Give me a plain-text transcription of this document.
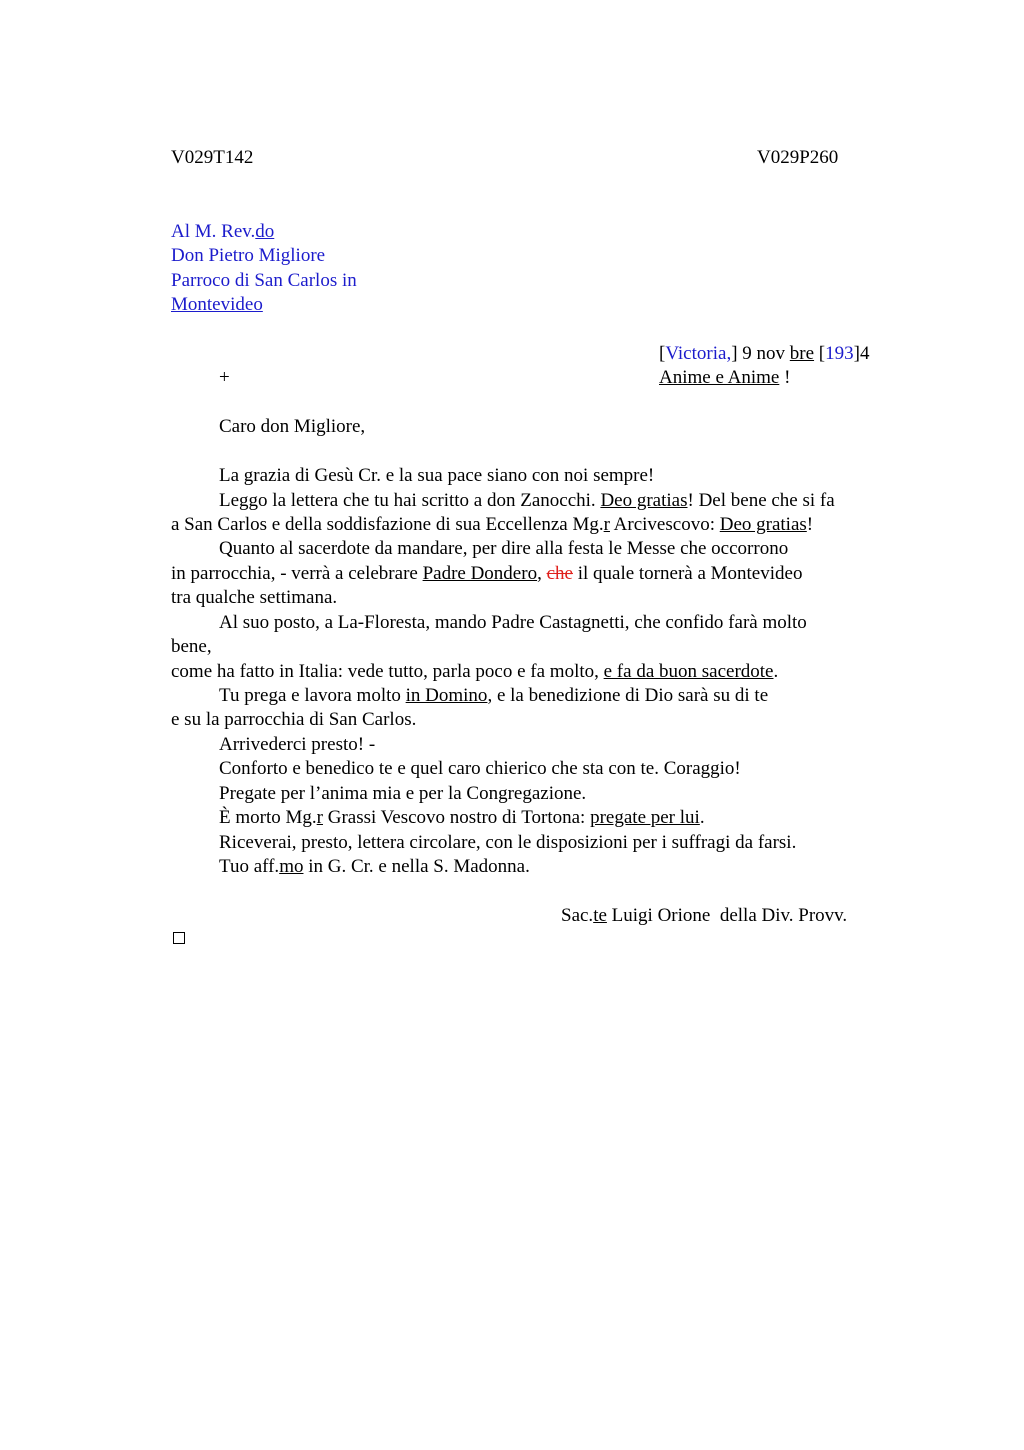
V029T142	V029P260
Al M. Rev.do
Don Pietro Migliore
Parroco di San Carlos in
Montevideo
[Victoria,] 9 nov bre [193]4
+	Anime e Anime !
Caro don Migliore,
La grazia di Gesù Cr. e la sua pace siano con noi sempre!
Leggo la lettera che tu hai scritto a don Zanocchi. Deo gratias! Del bene che si fa
a San Carlos e della soddisfazione di sua Eccellenza Mg.r Arcivescovo: Deo gratias!
Quanto al sacerdote da mandare, per dire alla festa le Messe che occorrono
in parrocchia, - verrà a celebrare Padre Dondero, che il quale tornerà a Montevideo
tra qualche settimana.
Al suo posto, a La-Floresta, mando Padre Castagnetti, che confido farà molto
bene,
come ha fatto in Italia: vede tutto, parla poco e fa molto, e fa da buon sacerdote.
Tu prega e lavora molto in Domino, e la benedizione di Dio sarà su di te
e su la parrocchia di San Carlos.
Arrivederci presto! -
Conforto e benedico te e quel caro chierico che sta con te. Coraggio!
Pregate per l’anima mia e per la Congregazione.
È morto Mg.r Grassi Vescovo nostro di Tortona: pregate per lui.
Riceverai, presto, lettera circolare, con le disposizioni per i suffragi da farsi.
Tuo aff.mo in G. Cr. e nella S. Madonna.
Sac.te Luigi Orione  della Div. Provv.
